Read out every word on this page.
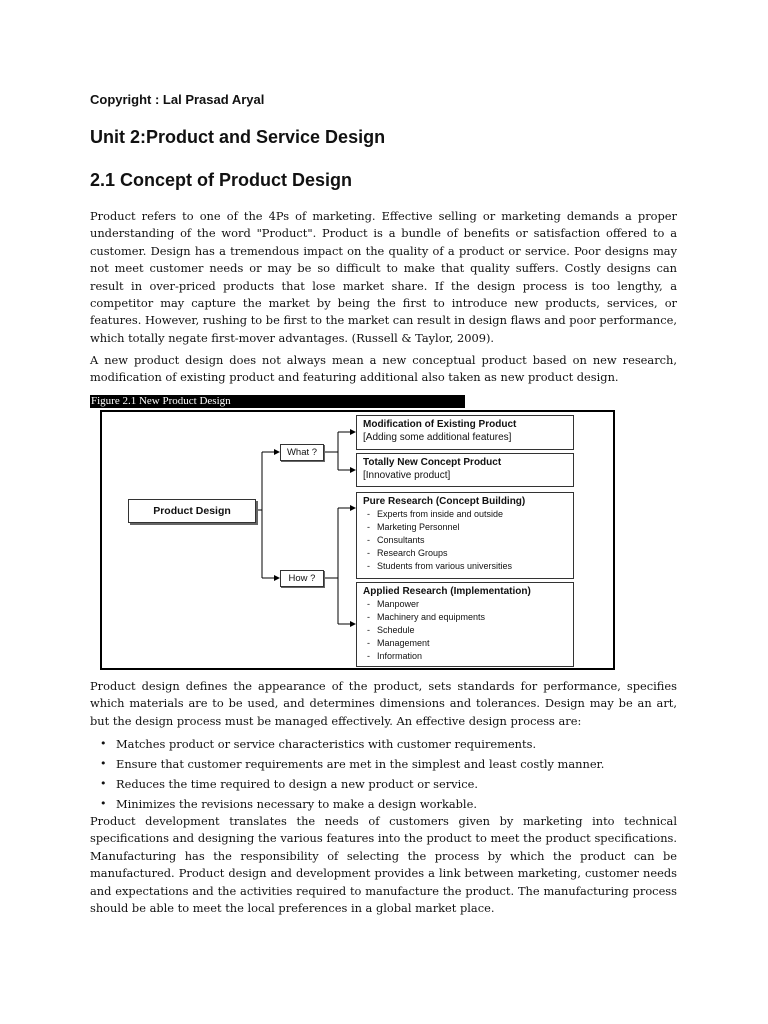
Copyright : Lal Prasad Aryal
Unit 2:Product and Service Design
2.1 Concept of Product Design

Product refers to one of the 4Ps of marketing. Effective selling or marketing demands a proper understanding of the word "Product". Product is a bundle of benefits or satisfaction offered to a customer. Design has a tremendous impact on the quality of a product or service. Poor designs may not meet customer needs or may be so difficult to make that quality suffers. Costly designs can result in over-priced products that lose market share. If the design process is too lengthy, a competitor may capture the market by being the first to introduce new products, services, or features. However, rushing to be first to the market can result in design flaws and poor performance, which totally negate first-mover advantages. (Russell & Taylor, 2009).

A new product design does not always mean a new conceptual product based on new research, modification of existing product and featuring additional also taken as new product design.

Figure 2.1 New Product Design
Product Design
What ?
How ?
Modification of Existing Product
[Adding some additional features]
Totally New Concept Product
[Innovative product]
Pure Research (Concept Building)
- Experts from inside and outside
- Marketing Personnel
- Consultants
- Research Groups
- Students from various universities
Applied Research (Implementation)
- Manpower
- Machinery and equipments
- Schedule
- Management
- Information

Product design defines the appearance of the product, sets standards for performance, specifies which materials are to be used, and determines dimensions and tolerances. Design may be an art, but the design process must be managed effectively. An effective design process are:

• Matches product or service characteristics with customer requirements.
• Ensure that customer requirements are met in the simplest and least costly manner.
• Reduces the time required to design a new product or service.
• Minimizes the revisions necessary to make a design workable.

Product development translates the needs of customers given by marketing into technical specifications and designing the various features into the product to meet the product specifications. Manufacturing has the responsibility of selecting the process by which the product can be manufactured. Product design and development provides a link between marketing, customer needs and expectations and the activities required to manufacture the product. The manufacturing process should be able to meet the local preferences in a global market place.
